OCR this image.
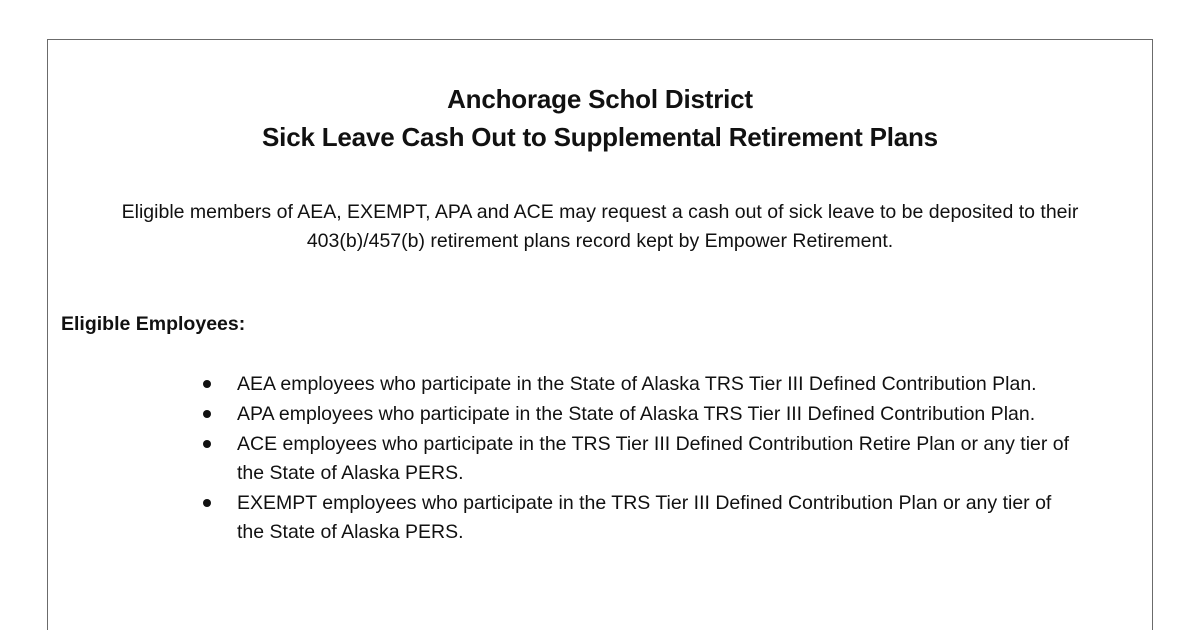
Anchorage Schol District
Sick Leave Cash Out to Supplemental Retirement Plans

Eligible members of AEA, EXEMPT, APA and ACE may request a cash out of sick leave to be deposited to their 403(b)/457(b) retirement plans record kept by Empower Retirement.

Eligible Employees:

AEA employees who participate in the State of Alaska TRS Tier III Defined Contribution Plan.
APA employees who participate in the State of Alaska TRS Tier III Defined Contribution Plan.
ACE employees who participate in the TRS Tier III Defined Contribution Retire Plan or any tier of the State of Alaska PERS.
EXEMPT employees who participate in the TRS Tier III Defined Contribution Plan or any tier of the State of Alaska PERS.
